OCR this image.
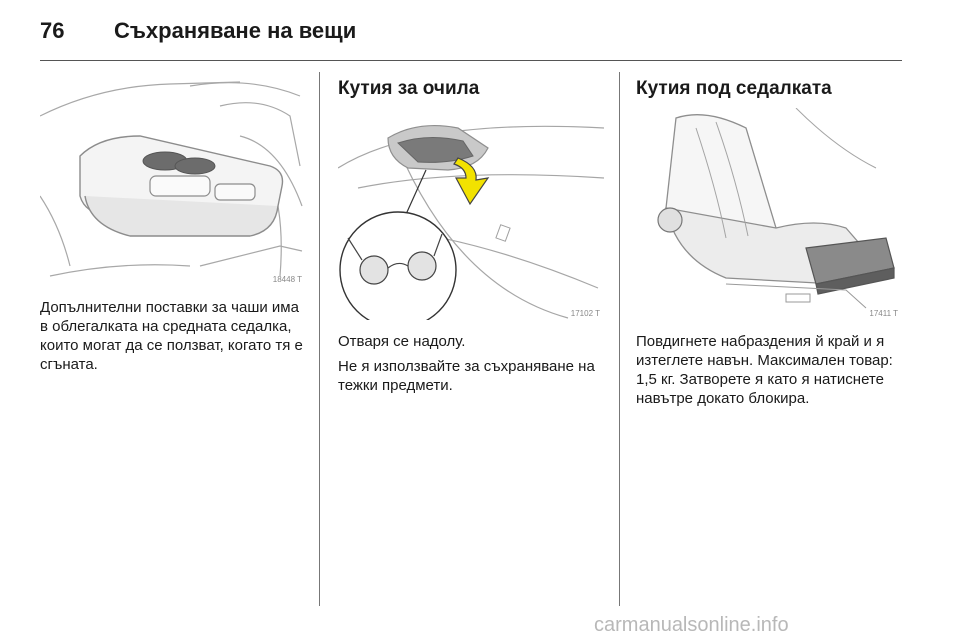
76 Съхраняване на вещи
18448 T

Допълнителни поставки за чаши има в облегалката на средната седалка, които могат да се ползват, когато тя е сгъната.

Кутия за очила
17102 T

Отваря се надолу.

Не я използвайте за съхраняване на тежки предмети.

Кутия под седалката
17411 T

Повдигнете набраздения й край и я изтеглете навън. Максимален товар: 1,5 кг. Затворете я като я натиснете навътре докато блокира.

carmanualsonline.info
